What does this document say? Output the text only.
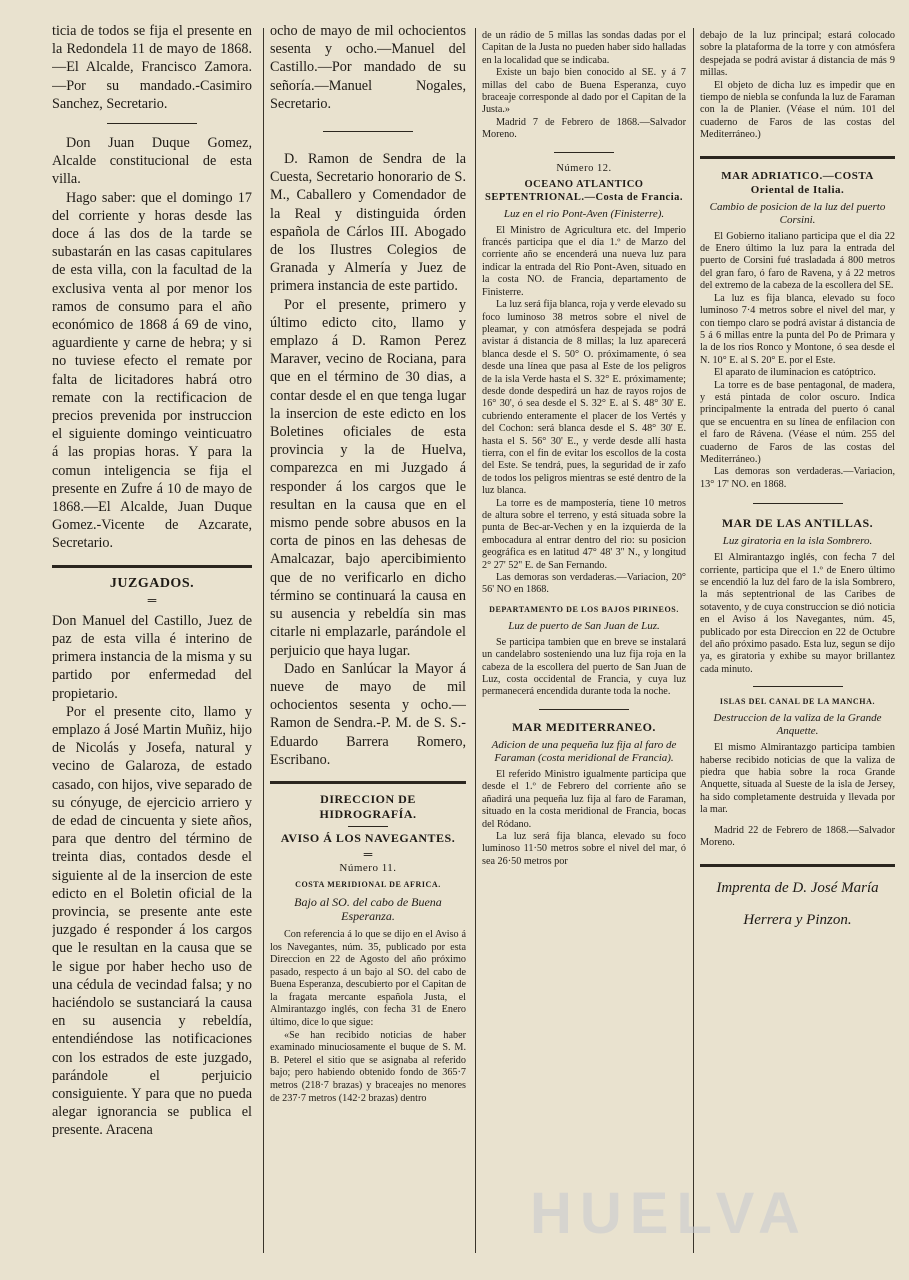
ticia de todos se fija el presente en la Redondela 11 de mayo de 1868.—El Alcalde, Francisco Zamora.—Por su mandado.-Casimiro Sanchez, Secretario.

Don Juan Duque Gomez, Alcalde constitucional de esta villa.

Hago saber: que el domingo 17 del corriente y horas desde las doce á las dos de la tarde se subastarán en las casas capitulares de esta villa, con la facultad de la exclusiva venta al por menor los ramos de consumo para el año económico de 1868 á 69 de vino, aguardiente y carne de hebra; y si no tuviese efecto el remate por falta de licitadores habrá otro remate con la rectificacion de precios prevenida por instruccion el siguiente domingo veinticuatro á las propias horas. Y para la comun inteligencia se fija el presente en Zufre á 10 de mayo de 1868.—El Alcalde, Juan Duque Gomez.-Vicente de Azcarate, Secretario.

JUZGADOS.
═

Don Manuel del Castillo, Juez de paz de esta villa é interino de primera instancia de la misma y su partido por enfermedad del propietario.

Por el presente cito, llamo y emplazo á José Martin Muñiz, hijo de Nicolás y Josefa, natural y vecino de Galaroza, de estado casado, con hijos, vive separado de su cónyuge, de ejercicio arriero y de edad de cincuenta y siete años, para que dentro del término de treinta dias, contados desde el siguiente al de la insercion de este edicto en el Boletin oficial de la provincia, se presente ante este juzgado é responder á los cargos que le resultan en la causa que se le sigue por haber hecho uso de una cédula de vecindad falsa; y no haciéndolo se sustanciará la causa en su ausencia y rebeldía, entendiéndose las notificaciones con los estrados de este juzgado, parándole el perjuicio consiguiente. Y para que no pueda alegar ignorancia se publica el presente. Aracena

ocho de mayo de mil ochocientos sesenta y ocho.—Manuel del Castillo.—Por mandado de su señoría.—Manuel Nogales, Secretario.

D. Ramon de Sendra de la Cuesta, Secretario honorario de S. M., Caballero y Comendador de la Real y distinguida órden española de Cárlos III. Abogado de los Ilustres Colegios de Granada y Almería y Juez de primera instancia de este partido.

Por el presente, primero y último edicto cito, llamo y emplazo á D. Ramon Perez Maraver, vecino de Rociana, para que en el término de 30 dias, a contar desde el en que tenga lugar la insercion de este edicto en los Boletines oficiales de esta provincia y la de Huelva, comparezca en mi Juzgado á responder á los cargos que le resultan en la causa que en el mismo pende sobre abusos en la corta de pinos en las dehesas de Amalcazar, bajo apercibimiento que de no verificarlo en dicho término se continuará la causa en su ausencia y rebeldía sin mas citarle ni emplazarle, parándole el perjuicio que haya lugar.

Dado en Sanlúcar la Mayor á nueve de mayo de mil ochocientos sesenta y ocho.—Ramon de Sendra.-P. M. de S. S.-Eduardo Barrera Romero, Escribano.

DIRECCION DE HIDROGRAFÍA.
AVISO Á LOS NAVEGANTES.
═
Número 11.
COSTA MERIDIONAL DE AFRICA.
Bajo al SO. del cabo de Buena Esperanza.

Con referencia á lo que se dijo en el Aviso á los Navegantes, núm. 35, publicado por esta Direccion en 22 de Agosto del año próximo pasado, respecto á un bajo al SO. del cabo de Buena Esperanza, descubierto por el Capitan de la fragata mercante española Justa, el Almirantazgo inglés, con fecha 31 de Enero último, dice lo que sigue:

«Se han recibido noticias de haber examinado minuciosamente el buque de S. M. B. Peterel el sitio que se asignaba al referido bajo; pero habiendo obtenido fondo de 365·7 metros (218·7 brazas) y braceajes no menores de 237·7 metros (142·2 brazas) dentro

de un rádio de 5 millas las sondas dadas por el Capitan de la Justa no pueden haber sido halladas en la localidad que se indicaba.

Existe un bajo bien conocido al SE. y á 7 millas del cabo de Buena Esperanza, cuyo braceaje corresponde al dado por el Capitan de la Justa.»

Madrid 7 de Febrero de 1868.—Salvador Moreno.

Número 12.
OCEANO ATLANTICO SEPTENTRIONAL.—Costa de Francia.
Luz en el rio Pont-Aven (Finisterre).

El Ministro de Agricultura etc. del Imperio francés participa que el dia 1.º de Marzo del corriente año se encenderá una nueva luz para indicar la entrada del Rio Pont-Aven, situado en la costa NO. de Francia, departamento de Finisterre.

La luz será fija blanca, roja y verde elevado su foco luminoso 38 metros sobre el nivel de pleamar, y con atmósfera despejada se podrá avistar á distancia de 8 millas; la luz aparecerá blanca desde el S. 50° O. próximamente, ó sea desde una línea que pasa al Este de los peligros de la isla Verde hasta el S. 32° E. próximamente; desde donde despedirá un haz de rayos rojos de 16° 30', ó sea desde el S. 32° E. al S. 48° 30' E. cubriendo enteramente el placer de los Vertés y del Cochon: será blanca desde el S. 48° 30' E. hasta el S. 56° 30' E., y verde desde allí hasta tierra, con el fin de evitar los escollos de la costa del Este. Se tendrá, pues, la seguridad de ir zafo de todos los peligros mientras se esté dentro de la luz blanca.

La torre es de mampostería, tiene 10 metros de altura sobre el terreno, y está situada sobre la punta de Bec-ar-Vechen y en la izquierda de la embocadura al entrar dentro del rio: su posicion geográfica es en latitud 47° 48' 3'' N., y longitud 2° 27' 52'' E. de San Fernando.

Las demoras son verdaderas.—Variacion, 20° 56' NO en 1868.

DEPARTAMENTO DE LOS BAJOS PIRINEOS.
Luz de puerto de San Juan de Luz.

Se participa tambien que en breve se instalará un candelabro sosteniendo una luz fija roja en la cabeza de la escollera del puerto de San Juan de Luz, costa occidental de Francia, y cuya luz permanecerá encendida durante toda la noche.

MAR MEDITERRANEO.
Adicion de una pequeña luz fija al faro de Faraman (costa meridional de Francia).

El referido Ministro igualmente participa que desde el 1.º de Febrero del corriente año se añadirá una pequeña luz fija al faro de Faraman, situado en la costa meridional de Francia, bocas del Ródano.

La luz será fija blanca, elevado su foco luminoso 11·50 metros sobre el nivel del mar, ó sea 26·50 metros por

debajo de la luz principal; estará colocado sobre la plataforma de la torre y con atmósfera despejada se podrá avistar á distancia de más 9 millas.

El objeto de dicha luz es impedir que en tiempo de niebla se confunda la luz de Faraman con la de Planier. (Véase el núm. 101 del cuaderno de Faros de las costas del Mediterráneo.)

MAR ADRIATICO.—COSTA Oriental de Italia.
Cambio de posicion de la luz del puerto Corsini.

El Gobierno italiano participa que el dia 22 de Enero último la luz para la entrada del puerto de Corsini fué trasladada á 800 metros del gran faro, ó faro de Ravena, y á 22 metros del extremo de la cabeza de la escollera del SE.

La luz es fija blanca, elevado su foco luminoso 7·4 metros sobre el nivel del mar, y con tiempo claro se podrá avistar á distancia de 5 á 6 millas entre la punta del Po de Primara y la de los rios Ronco y Montone, ó sea desde el N. 10° E. al S. 20° E. por el Este.

El aparato de iluminacion es catóptrico.

La torre es de base pentagonal, de madera, y está pintada de color oscuro. Indica principalmente la entrada del puerto ó canal que se encuentra en su línea de enfilacion con el faro de Rávena. (Véase el núm. 255 del cuaderno de Faros de las costas del Mediterráneo.)

Las demoras son verdaderas.—Variacion, 13° 17' NO. en 1868.

MAR DE LAS ANTILLAS.
Luz giratoria en la isla Sombrero.

El Almirantazgo inglés, con fecha 7 del corriente, participa que el 1.º de Enero último se encendió la luz del faro de la isla Sombrero, la más septentrional de las Caribes de sotavento, y de cuya construccion se dió noticia en el Aviso á los Navegantes, núm. 45, publicado por esta Direccion en 22 de Octubre del año próximo pasado. Esta luz, segun se dijo ya, es giratoria y exhibe su mayor brillantez cada minuto.

ISLAS DEL CANAL DE LA MANCHA.
Destruccion de la valiza de la Grande Anquette.

El mismo Almirantazgo participa tambien haberse recibido noticias de que la valiza de piedra que habia sobre la roca Grande Anquette, situada al Sueste de la isla de Jersey, ha sido completamente destruida y llevada por la mar.

Madrid 22 de Febrero de 1868.—Salvador Moreno.

Imprenta de D. José María
Herrera y Pinzon.
HUELVA
